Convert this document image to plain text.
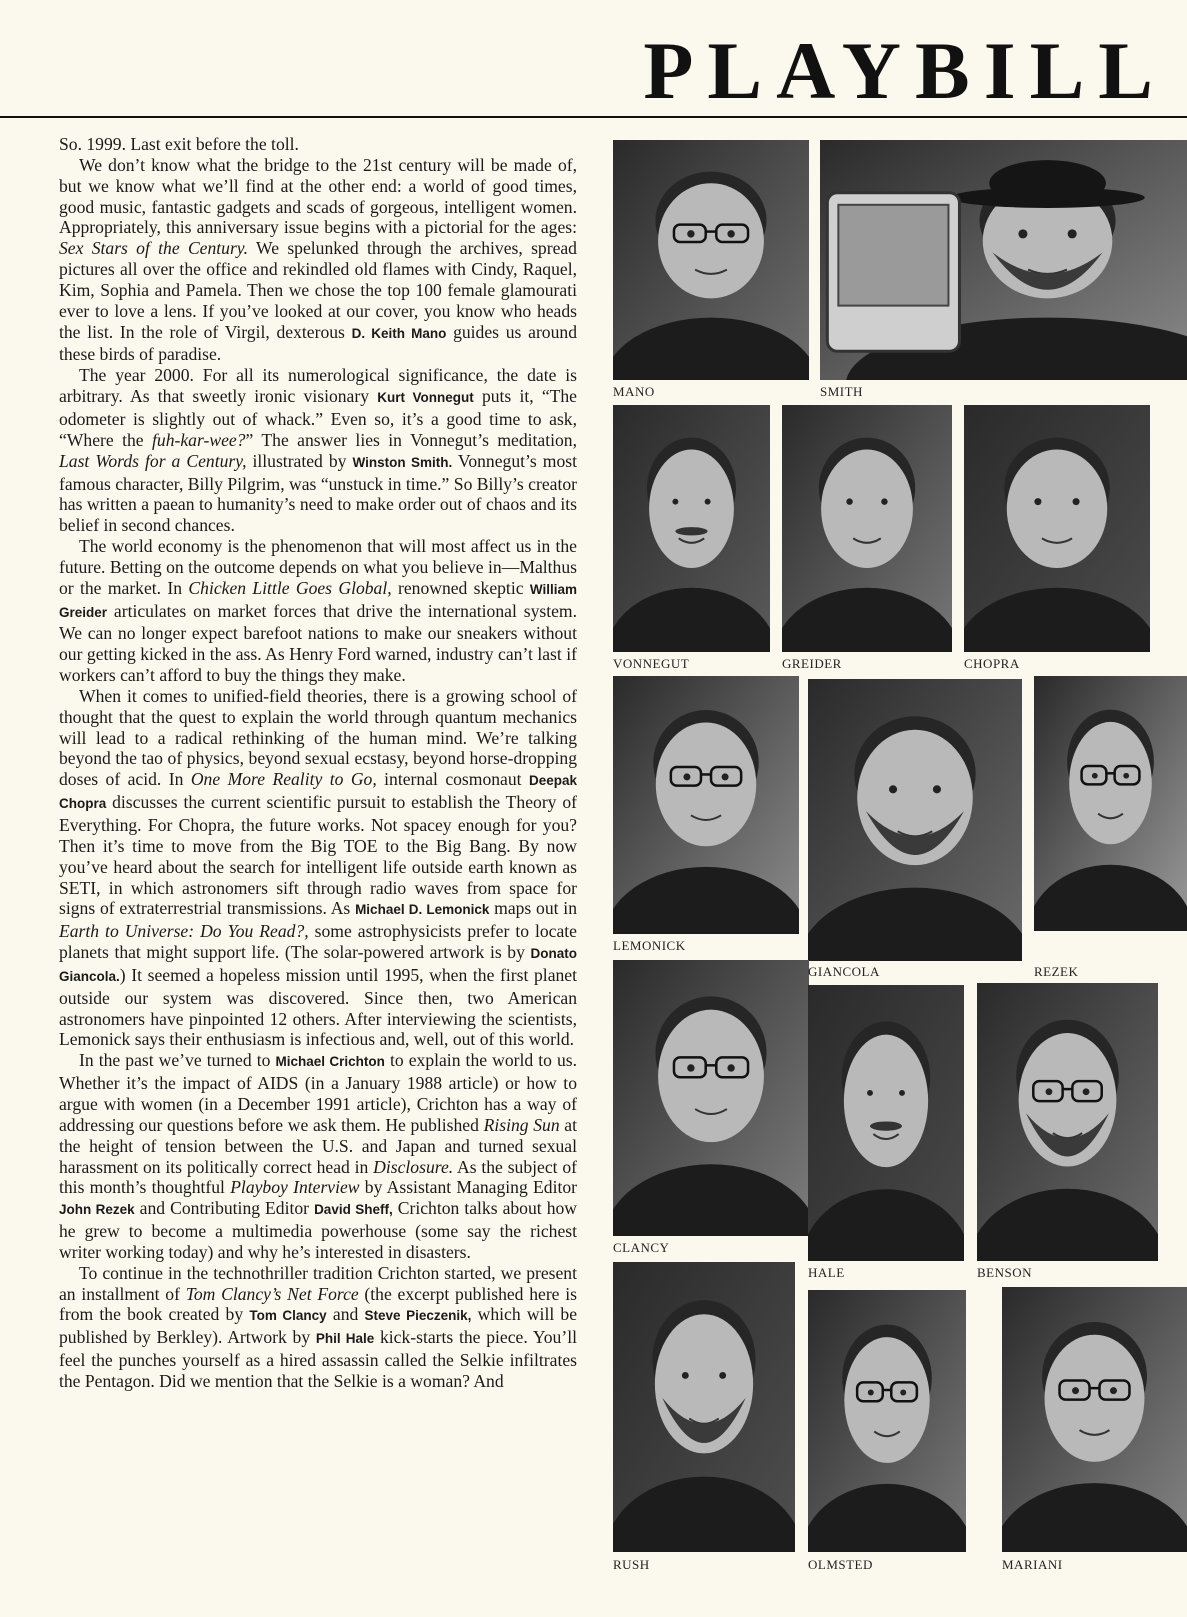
PLAYBILL

So. 1999. Last exit before the toll.

We don’t know what the bridge to the 21st century will be made of, but we know what we’ll find at the other end: a world of good times, good music, fantastic gadgets and scads of gorgeous, intelligent women. Appropriately, this anniversary issue begins with a pictorial for the ages: Sex Stars of the Century. We spelunked through the archives, spread pictures all over the office and rekindled old flames with Cindy, Raquel, Kim, Sophia and Pamela. Then we chose the top 100 female glamourati ever to love a lens. If you’ve looked at our cover, you know who heads the list. In the role of Virgil, dexterous D. Keith Mano guides us around these birds of paradise.

The year 2000. For all its numerological significance, the date is arbitrary. As that sweetly ironic visionary Kurt Vonnegut puts it, “The odometer is slightly out of whack.” Even so, it’s a good time to ask, “Where the fuh-kar-wee?” The answer lies in Vonnegut’s meditation, Last Words for a Century, illustrated by Winston Smith. Vonnegut’s most famous character, Billy Pilgrim, was “unstuck in time.” So Billy’s creator has written a paean to humanity’s need to make order out of chaos and its belief in second chances.

The world economy is the phenomenon that will most affect us in the future. Betting on the outcome depends on what you believe in—Malthus or the market. In Chicken Little Goes Global, renowned skeptic William Greider articulates on market forces that drive the international system. We can no longer expect barefoot nations to make our sneakers without our getting kicked in the ass. As Henry Ford warned, industry can’t last if workers can’t afford to buy the things they make.

When it comes to unified-field theories, there is a growing school of thought that the quest to explain the world through quantum mechanics will lead to a radical rethinking of the human mind. We’re talking beyond the tao of physics, beyond sexual ecstasy, beyond horse-dropping doses of acid. In One More Reality to Go, internal cosmonaut Deepak Chopra discusses the current scientific pursuit to establish the Theory of Everything. For Chopra, the future works. Not spacey enough for you? Then it’s time to move from the Big TOE to the Big Bang. By now you’ve heard about the search for intelligent life outside earth known as SETI, in which astronomers sift through radio waves from space for signs of extraterrestrial transmissions. As Michael D. Lemonick maps out in Earth to Universe: Do You Read?, some astrophysicists prefer to locate planets that might support life. (The solar-powered artwork is by Donato Giancola.) It seemed a hopeless mission until 1995, when the first planet outside our system was discovered. Since then, two American astronomers have pinpointed 12 others. After interviewing the scientists, Lemonick says their enthusiasm is infectious and, well, out of this world.

In the past we’ve turned to Michael Crichton to explain the world to us. Whether it’s the impact of AIDS (in a January 1988 article) or how to argue with women (in a December 1991 article), Crichton has a way of addressing our questions before we ask them. He published Rising Sun at the height of tension between the U.S. and Japan and turned sexual harassment on its politically correct head in Disclosure. As the subject of this month’s thoughtful Playboy Interview by Assistant Managing Editor John Rezek and Contributing Editor David Sheff, Crichton talks about how he grew to become a multimedia powerhouse (some say the richest writer working today) and why he’s interested in disasters.

To continue in the technothriller tradition Crichton started, we present an installment of Tom Clancy’s Net Force (the excerpt published here is from the book created by Tom Clancy and Steve Pieczenik, which will be published by Berkley). Artwork by Phil Hale kick-starts the piece. You’ll feel the punches yourself as a hired assassin called the Selkie infiltrates the Pentagon. Did we mention that the Selkie is a woman? And

MANO	SMITH
VONNEGUT	GREIDER	CHOPRA
LEMONICK
GIANCOLA	REZEK
CLANCY
HALE	BENSON
RUSH	OLMSTED	MARIANI
